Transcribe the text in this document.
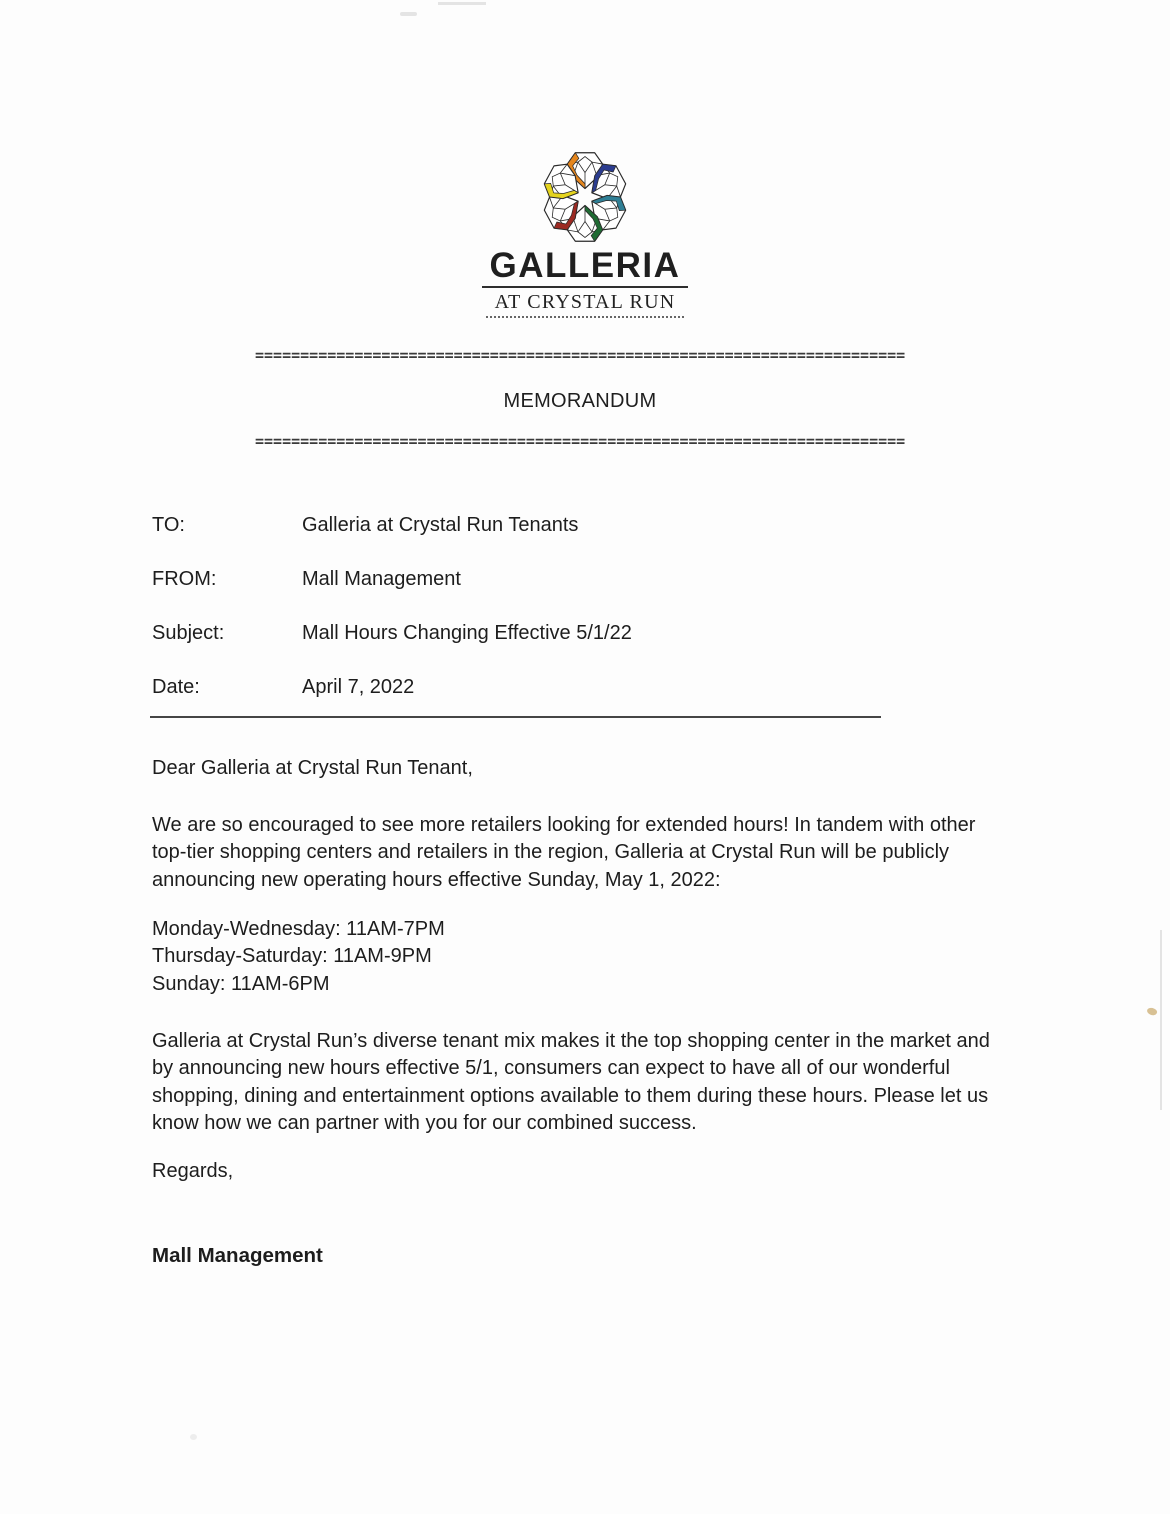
GALLERIA
AT CRYSTAL RUN
========================================================================
MEMORANDUM
========================================================================
TO:	Galleria at Crystal Run Tenants
FROM:	Mall Management
Subject:	Mall Hours Changing Effective 5/1/22
Date:	April 7, 2022
Dear Galleria at Crystal Run Tenant,
We are so encouraged to see more retailers looking for extended hours! In tandem with other
top-tier shopping centers and retailers in the region, Galleria at Crystal Run will be publicly
announcing new operating hours effective Sunday, May 1, 2022:
Monday-Wednesday: 11AM-7PM
Thursday-Saturday: 11AM-9PM
Sunday: 11AM-6PM
Galleria at Crystal Run’s diverse tenant mix makes it the top shopping center in the market and
by announcing new hours effective 5/1, consumers can expect to have all of our wonderful
shopping, dining and entertainment options available to them during these hours. Please let us
know how we can partner with you for our combined success.
Regards,
Mall Management
